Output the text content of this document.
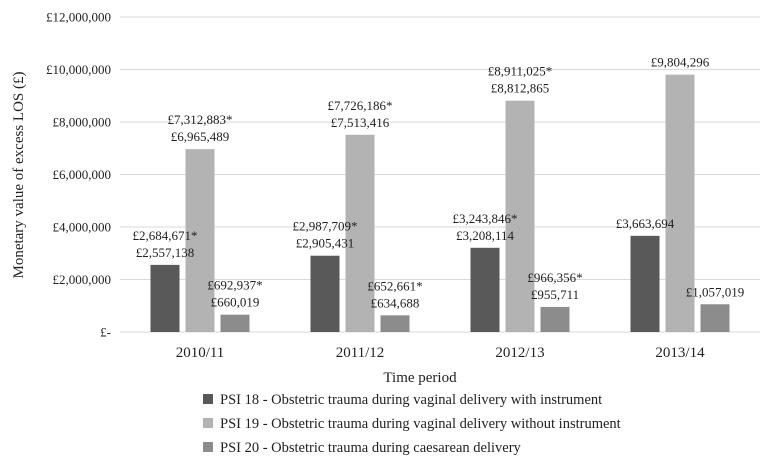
£-
£2,000,000
£4,000,000
£6,000,000
£8,000,000
£10,000,000
£12,000,000
£2,684,671*
£2,557,138
£7,312,883*
£6,965,489
£692,937*
£660,019
£2,987,709*
£2,905,431
£7,726,186*
£7,513,416
£652,661*
£634,688
£3,243,846*
£3,208,114
£8,911,025*
£8,812,865
£966,356*
£955,711
£3,663,694
£9,804,296
£1,057,019
2010/11	2011/12	2012/13	2013/14
Monetary value of excess LOS (£)
Time period
PSI 18 - Obstetric trauma during vaginal delivery with instrument
PSI 19 - Obstetric trauma during vaginal delivery without instrument
PSI 20 - Obstetric trauma during caesarean delivery
